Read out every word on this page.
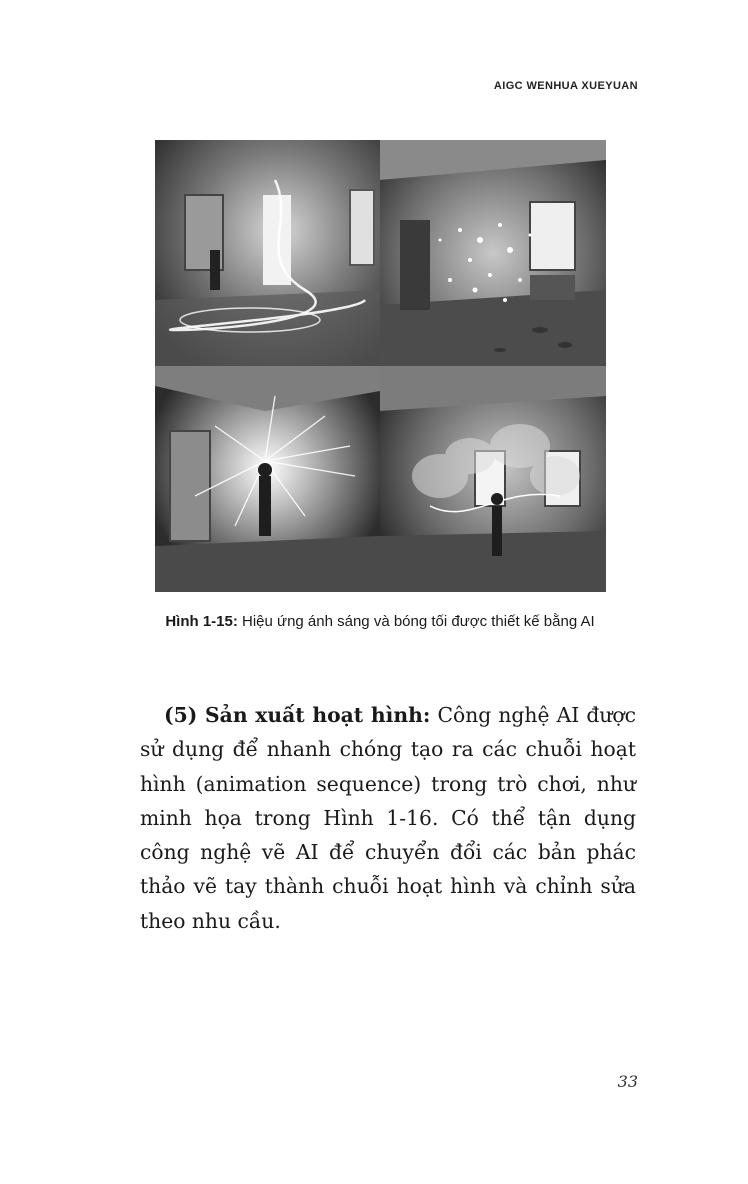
AIGC WENHUA XUEYUAN
Hình 1-15: Hiệu ứng ánh sáng và bóng tối được thiết kế bằng AI

(5) Sản xuất hoạt hình: Công nghệ AI được sử dụng để nhanh chóng tạo ra các chuỗi hoạt hình (animation sequence) trong trò chơi, như minh họa trong Hình 1-16. Có thể tận dụng công nghệ vẽ AI để chuyển đổi các bản phác thảo vẽ tay thành chuỗi hoạt hình và chỉnh sửa theo nhu cầu.

33
